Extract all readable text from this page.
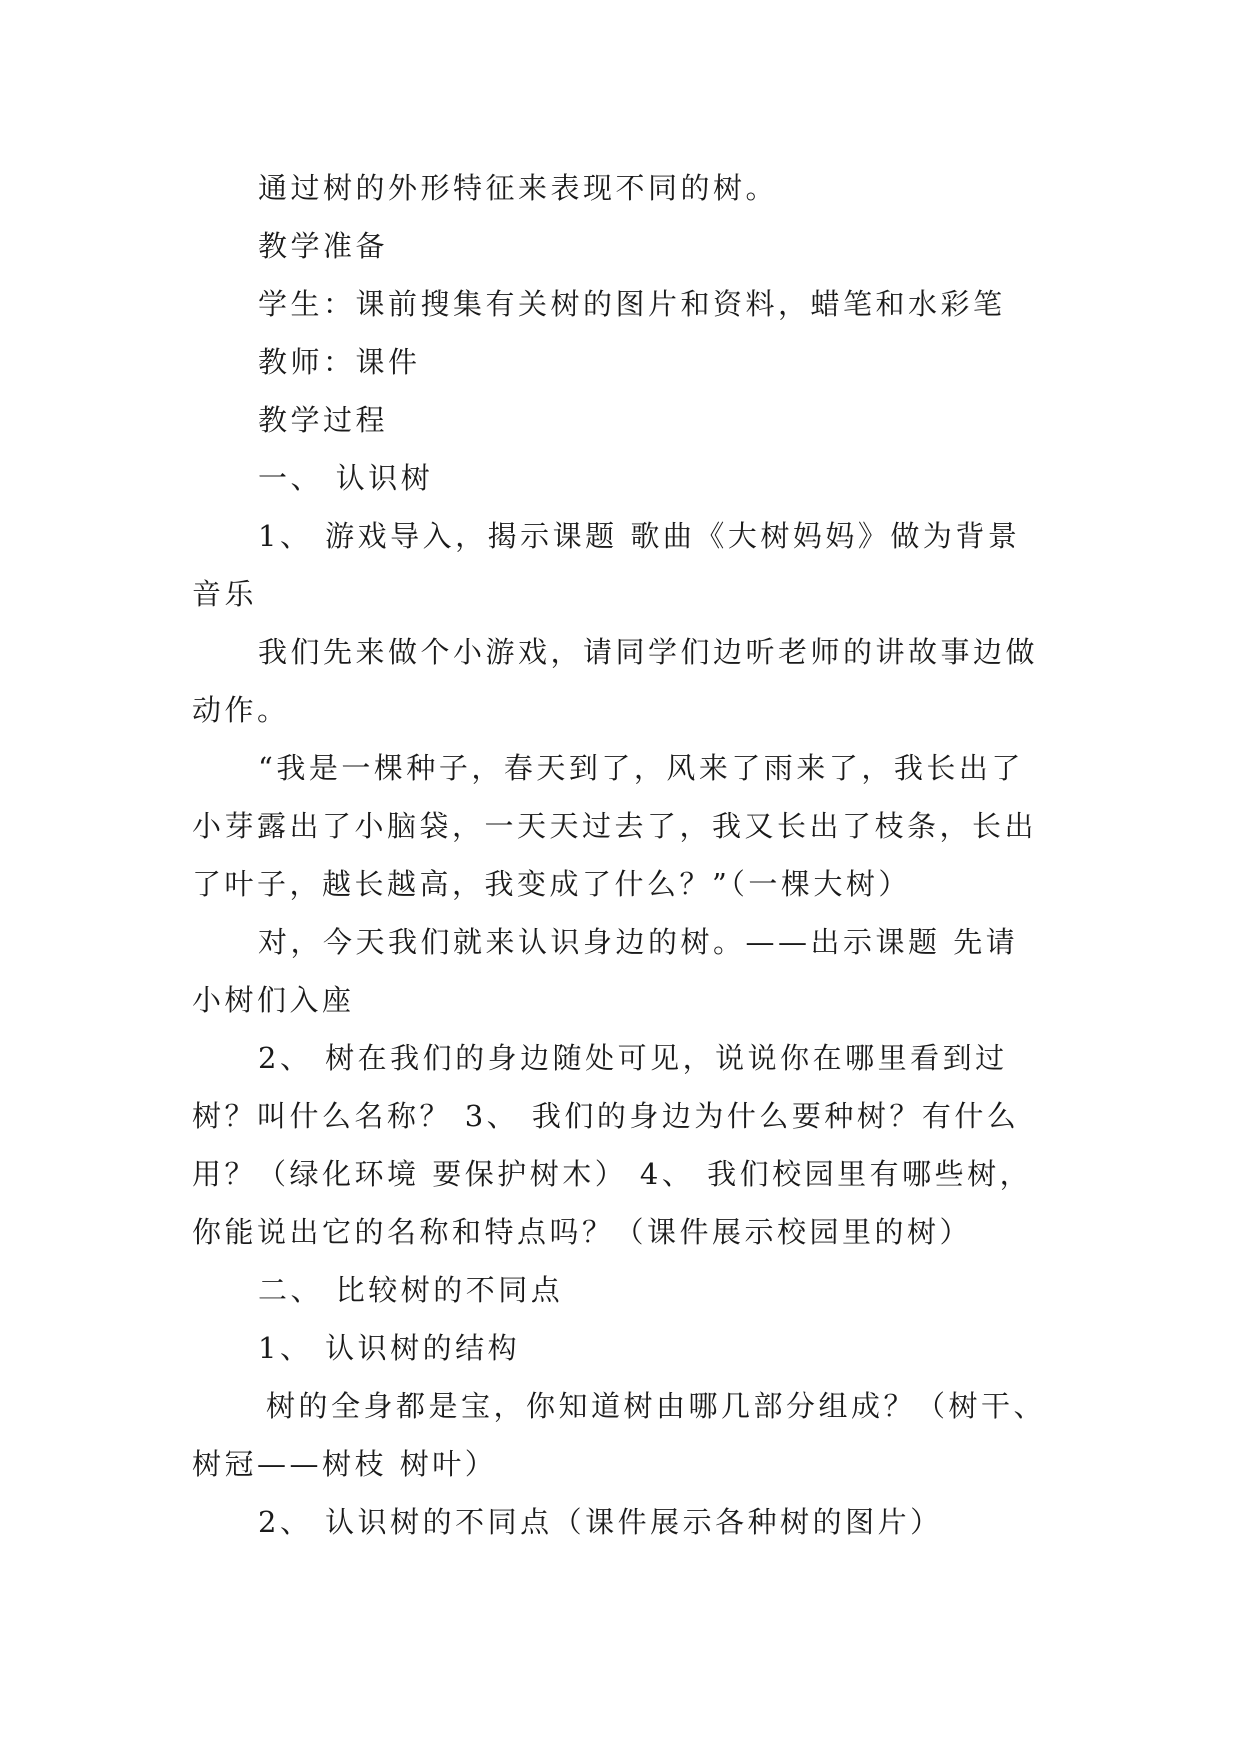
通过树的外形特征来表现不同的树。

教学准备

学生：课前搜集有关树的图片和资料，蜡笔和水彩笔

教师：课件

教学过程

一、 认识树

1、 游戏导入，揭示课题 歌曲《大树妈妈》做为背景

音乐

我们先来做个小游戏，请同学们边听老师的讲故事边做

动作。

“我是一棵种子，春天到了，风来了雨来了，我长出了

小芽露出了小脑袋，一天天过去了，我又长出了枝条，长出

了叶子，越长越高，我变成了什么？”（一棵大树）

对，今天我们就来认识身边的树。——出示课题 先请

小树们入座

2、 树在我们的身边随处可见，说说你在哪里看到过

树？叫什么名称？ 3、 我们的身边为什么要种树？有什么

用？（绿化环境 要保护树木） 4、 我们校园里有哪些树，

你能说出它的名称和特点吗？（课件展示校园里的树）

二、 比较树的不同点

1、 认识树的结构

树的全身都是宝，你知道树由哪几部分组成？（树干、

树冠——树枝 树叶）

2、 认识树的不同点（课件展示各种树的图片）
